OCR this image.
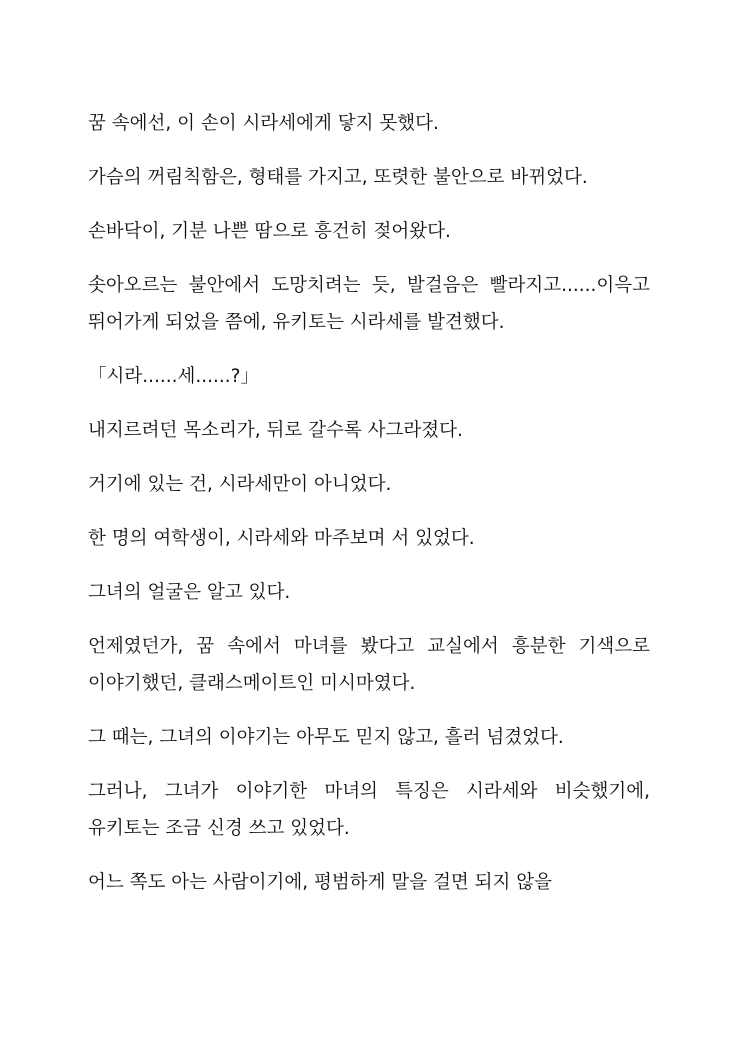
꿈 속에선, 이 손이 시라세에게 닿지 못했다.

가슴의 꺼림칙함은, 형태를 가지고, 또렷한 불안으로 바뀌었다.

손바닥이, 기분 나쁜 땀으로 흥건히 젖어왔다.

솟아오르는 불안에서 도망치려는 듯, 발걸음은 빨라지고......이윽고 뛰어가게 되었을 쯤에, 유키토는 시라세를 발견했다.

「시라......세......?」

내지르려던 목소리가, 뒤로 갈수록 사그라졌다.

거기에 있는 건, 시라세만이 아니었다.

한 명의 여학생이, 시라세와 마주보며 서 있었다.

그녀의 얼굴은 알고 있다.

언제였던가, 꿈 속에서 마녀를 봤다고 교실에서 흥분한 기색으로 이야기했던, 클래스메이트인 미시마였다.

그 때는, 그녀의 이야기는 아무도 믿지 않고, 흘러 넘겼었다.

그러나, 그녀가 이야기한 마녀의 특징은 시라세와 비슷했기에, 유키토는 조금 신경 쓰고 있었다.

어느 쪽도 아는 사람이기에, 평범하게 말을 걸면 되지 않을
